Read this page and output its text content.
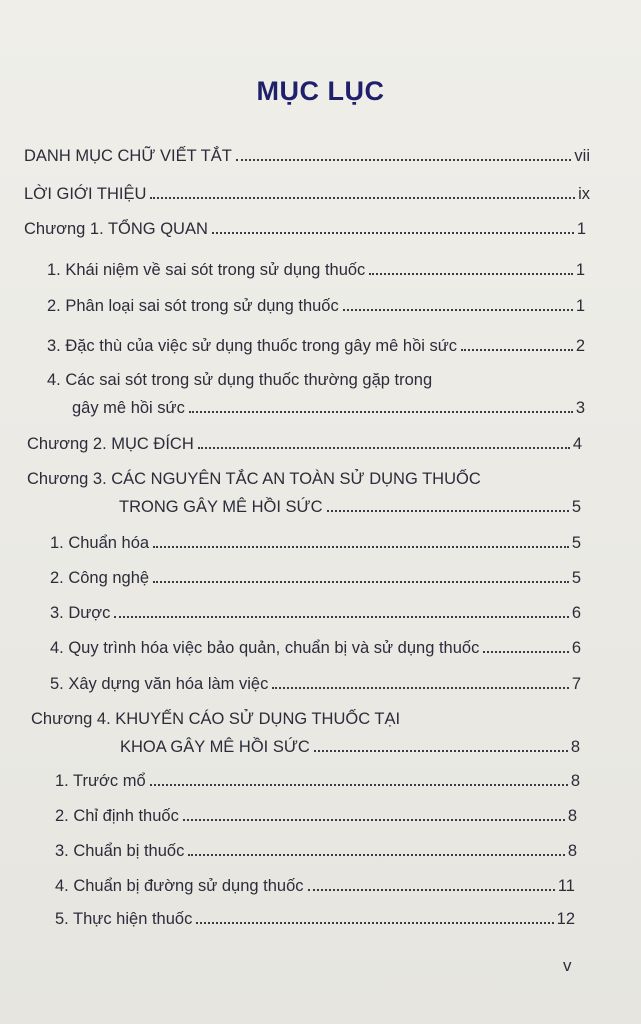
MỤC LỤC
DANH MỤC CHỮ VIẾT TẮT	vii
LỜI GIỚI THIỆU	ix
Chương 1. TỔNG QUAN	1
1. Khái niệm về sai sót trong sử dụng thuốc	1
2. Phân loại sai sót trong sử dụng thuốc	1
3. Đặc thù của việc sử dụng thuốc trong gây mê hồi sức	2
4. Các sai sót trong sử dụng thuốc thường gặp trong
gây mê hồi sức	3
Chương 2. MỤC ĐÍCH	4
Chương 3. CÁC NGUYÊN TẮC AN TOÀN SỬ DỤNG THUỐC
TRONG GÂY MÊ HỒI SỨC	5
1. Chuẩn hóa	5
2. Công nghệ	5
3. Dược	6
4. Quy trình hóa việc bảo quản, chuẩn bị và sử dụng thuốc	6
5. Xây dựng văn hóa làm việc	7
Chương 4. KHUYẾN CÁO SỬ DỤNG THUỐC TẠI
KHOA GÂY MÊ HỒI SỨC	8
1. Trước mổ	8
2. Chỉ định thuốc	8
3. Chuẩn bị thuốc	8
4. Chuẩn bị đường sử dụng thuốc	11
5. Thực hiện thuốc	12
v
